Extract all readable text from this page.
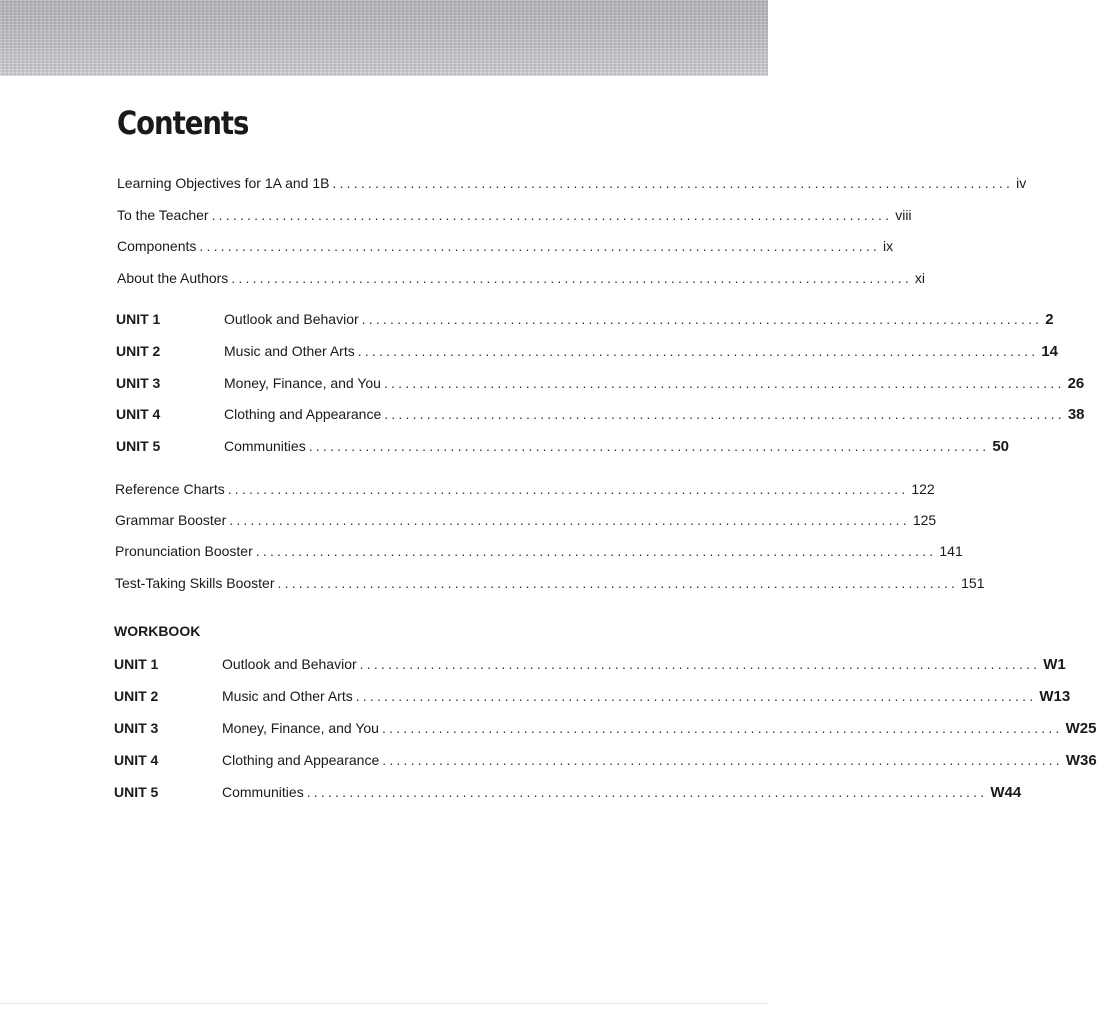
Contents
Learning Objectives for 1A and 1B ................................................................................................ iv
To the Teacher ................................................................................................ viii
Components ................................................................................................ ix
About the Authors ................................................................................................ xi
UNIT 1	Outlook and Behavior ................................................................................................ 2
UNIT 2	Music and Other Arts ................................................................................................ 14
UNIT 3	Money, Finance, and You ................................................................................................ 26
UNIT 4	Clothing and Appearance ................................................................................................ 38
UNIT 5	Communities ................................................................................................ 50
Reference Charts ................................................................................................ 122
Grammar Booster ................................................................................................ 125
Pronunciation Booster ................................................................................................ 141
Test-Taking Skills Booster ................................................................................................ 151
WORKBOOK
UNIT 1	Outlook and Behavior ................................................................................................ W1
UNIT 2	Music and Other Arts ................................................................................................ W13
UNIT 3	Money, Finance, and You ................................................................................................ W25
UNIT 4	Clothing and Appearance ................................................................................................ W36
UNIT 5	Communities ................................................................................................ W44
